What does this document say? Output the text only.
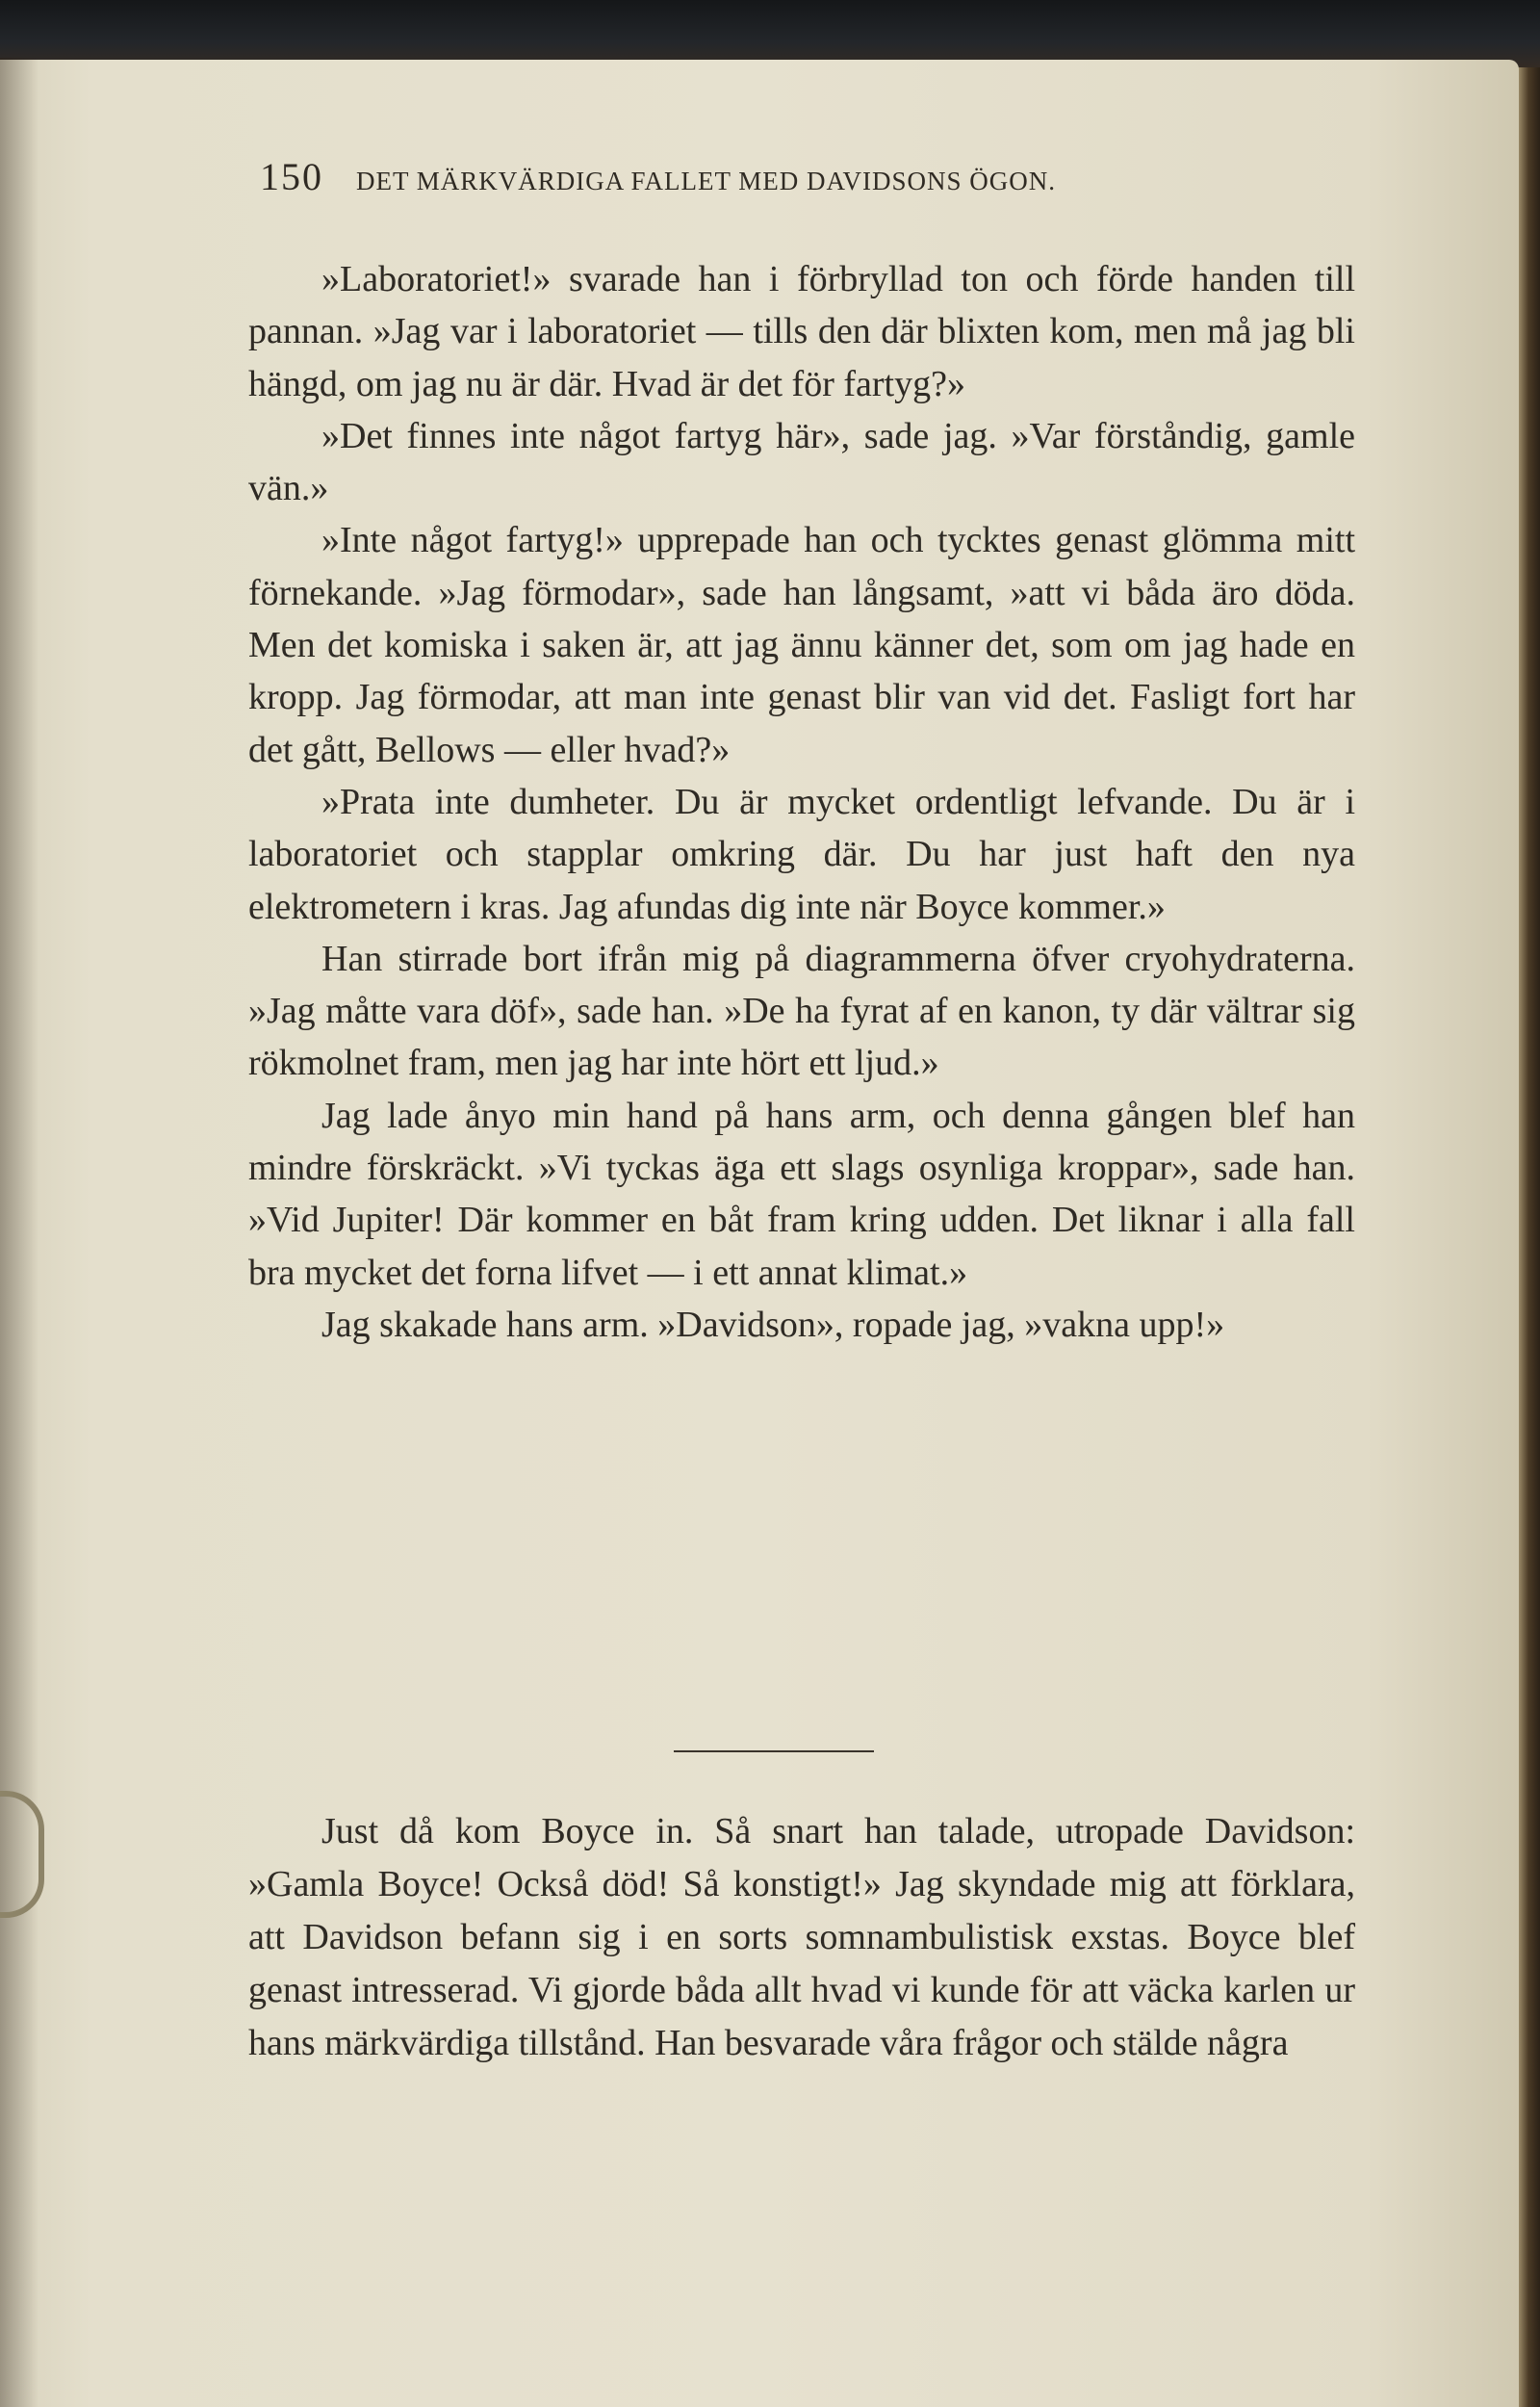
150 DET MÄRKVÄRDIGA FALLET MED DAVIDSONS ÖGON.

»Laboratoriet!» svarade han i förbryllad ton och förde handen till pannan. »Jag var i laboratoriet — tills den där blixten kom, men må jag bli hängd, om jag nu är där. Hvad är det för fartyg?»

»Det finnes inte något fartyg här», sade jag. »Var förståndig, gamle vän.»

»Inte något fartyg!» upprepade han och tycktes genast glömma mitt förnekande. »Jag förmodar», sade han långsamt, »att vi båda äro döda. Men det komiska i saken är, att jag ännu känner det, som om jag hade en kropp. Jag förmodar, att man inte genast blir van vid det. Fasligt fort har det gått, Bellows — eller hvad?»

»Prata inte dumheter. Du är mycket ordentligt lefvande. Du är i laboratoriet och stapplar omkring där. Du har just haft den nya elektrometern i kras. Jag afundas dig inte när Boyce kommer.»

Han stirrade bort ifrån mig på diagrammerna öfver cryohydraterna. »Jag måtte vara döf», sade han. »De ha fyrat af en kanon, ty där vältrar sig rökmolnet fram, men jag har inte hört ett ljud.»

Jag lade ånyo min hand på hans arm, och denna gången blef han mindre förskräckt. »Vi tyckas äga ett slags osynliga kroppar», sade han. »Vid Jupiter! Där kommer en båt fram kring udden. Det liknar i alla fall bra mycket det forna lifvet — i ett annat klimat.»

Jag skakade hans arm. »Davidson», ropade jag, »vakna upp!»

Just då kom Boyce in. Så snart han talade, utropade Davidson: »Gamla Boyce! Också död! Så konstigt!» Jag skyndade mig att förklara, att Davidson befann sig i en sorts somnambulistisk exstas. Boyce blef genast intresserad. Vi gjorde båda allt hvad vi kunde för att väcka karlen ur hans märkvärdiga tillstånd. Han besvarade våra frågor och stälde några
